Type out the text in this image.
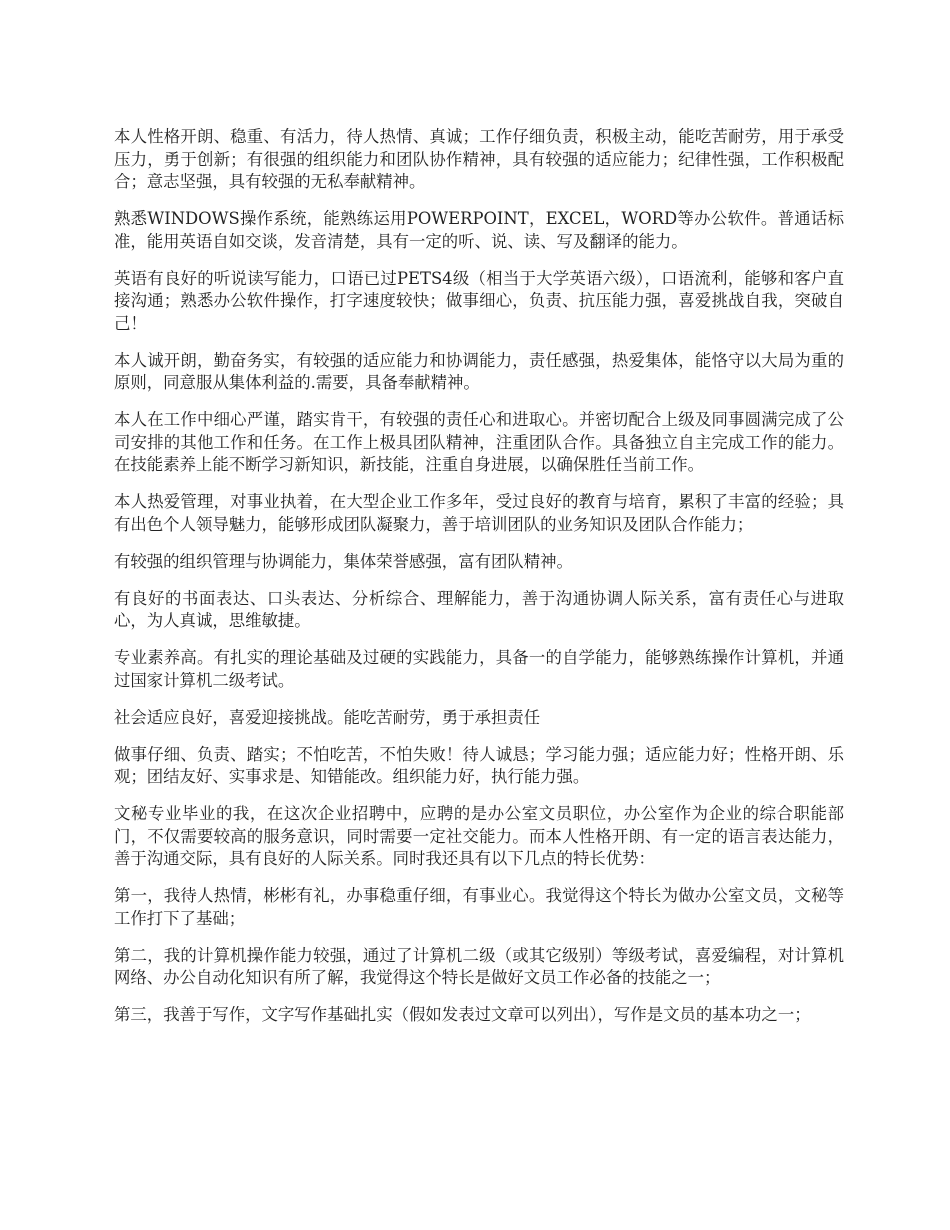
本人性格开朗、稳重、有活力，待人热情、真诚；工作仔细负责，积极主动，能吃苦耐劳，用于承受压力，勇于创新；有很强的组织能力和团队协作精神，具有较强的适应能力；纪律性强，工作积极配合；意志坚强，具有较强的无私奉献精神。

熟悉WINDOWS操作系统，能熟练运用POWERPOINT，EXCEL，WORD等办公软件。普通话标准，能用英语自如交谈，发音清楚，具有一定的听、说、读、写及翻译的能力。

英语有良好的听说读写能力，口语已过PETS4级（相当于大学英语六级），口语流利，能够和客户直接沟通；熟悉办公软件操作，打字速度较快；做事细心，负责、抗压能力强，喜爱挑战自我，突破自己！

本人诚开朗，勤奋务实，有较强的适应能力和协调能力，责任感强，热爱集体，能恪守以大局为重的原则，同意服从集体利益的.需要，具备奉献精神。

本人在工作中细心严谨，踏实肯干，有较强的责任心和进取心。并密切配合上级及同事圆满完成了公司安排的其他工作和任务。在工作上极具团队精神，注重团队合作。具备独立自主完成工作的能力。在技能素养上能不断学习新知识，新技能，注重自身进展，以确保胜任当前工作。

本人热爱管理，对事业执着，在大型企业工作多年，受过良好的教育与培育，累积了丰富的经验；具有出色个人领导魅力，能够形成团队凝聚力，善于培训团队的业务知识及团队合作能力；

有较强的组织管理与协调能力，集体荣誉感强，富有团队精神。

有良好的书面表达、口头表达、分析综合、理解能力，善于沟通协调人际关系，富有责任心与进取心，为人真诚，思维敏捷。

专业素养高。有扎实的理论基础及过硬的实践能力，具备一的自学能力，能够熟练操作计算机，并通过国家计算机二级考试。

社会适应良好，喜爱迎接挑战。能吃苦耐劳，勇于承担责任

做事仔细、负责、踏实；不怕吃苦，不怕失败！待人诚恳；学习能力强；适应能力好；性格开朗、乐观；团结友好、实事求是、知错能改。组织能力好，执行能力强。

文秘专业毕业的我，在这次企业招聘中，应聘的是办公室文员职位，办公室作为企业的综合职能部门，不仅需要较高的服务意识，同时需要一定社交能力。而本人性格开朗、有一定的语言表达能力，善于沟通交际，具有良好的人际关系。同时我还具有以下几点的特长优势：

第一，我待人热情，彬彬有礼，办事稳重仔细，有事业心。我觉得这个特长为做办公室文员，文秘等工作打下了基础；

第二，我的计算机操作能力较强，通过了计算机二级（或其它级别）等级考试，喜爱编程，对计算机网络、办公自动化知识有所了解，我觉得这个特长是做好文员工作必备的技能之一；

第三，我善于写作，文字写作基础扎实（假如发表过文章可以列出），写作是文员的基本功之一；
